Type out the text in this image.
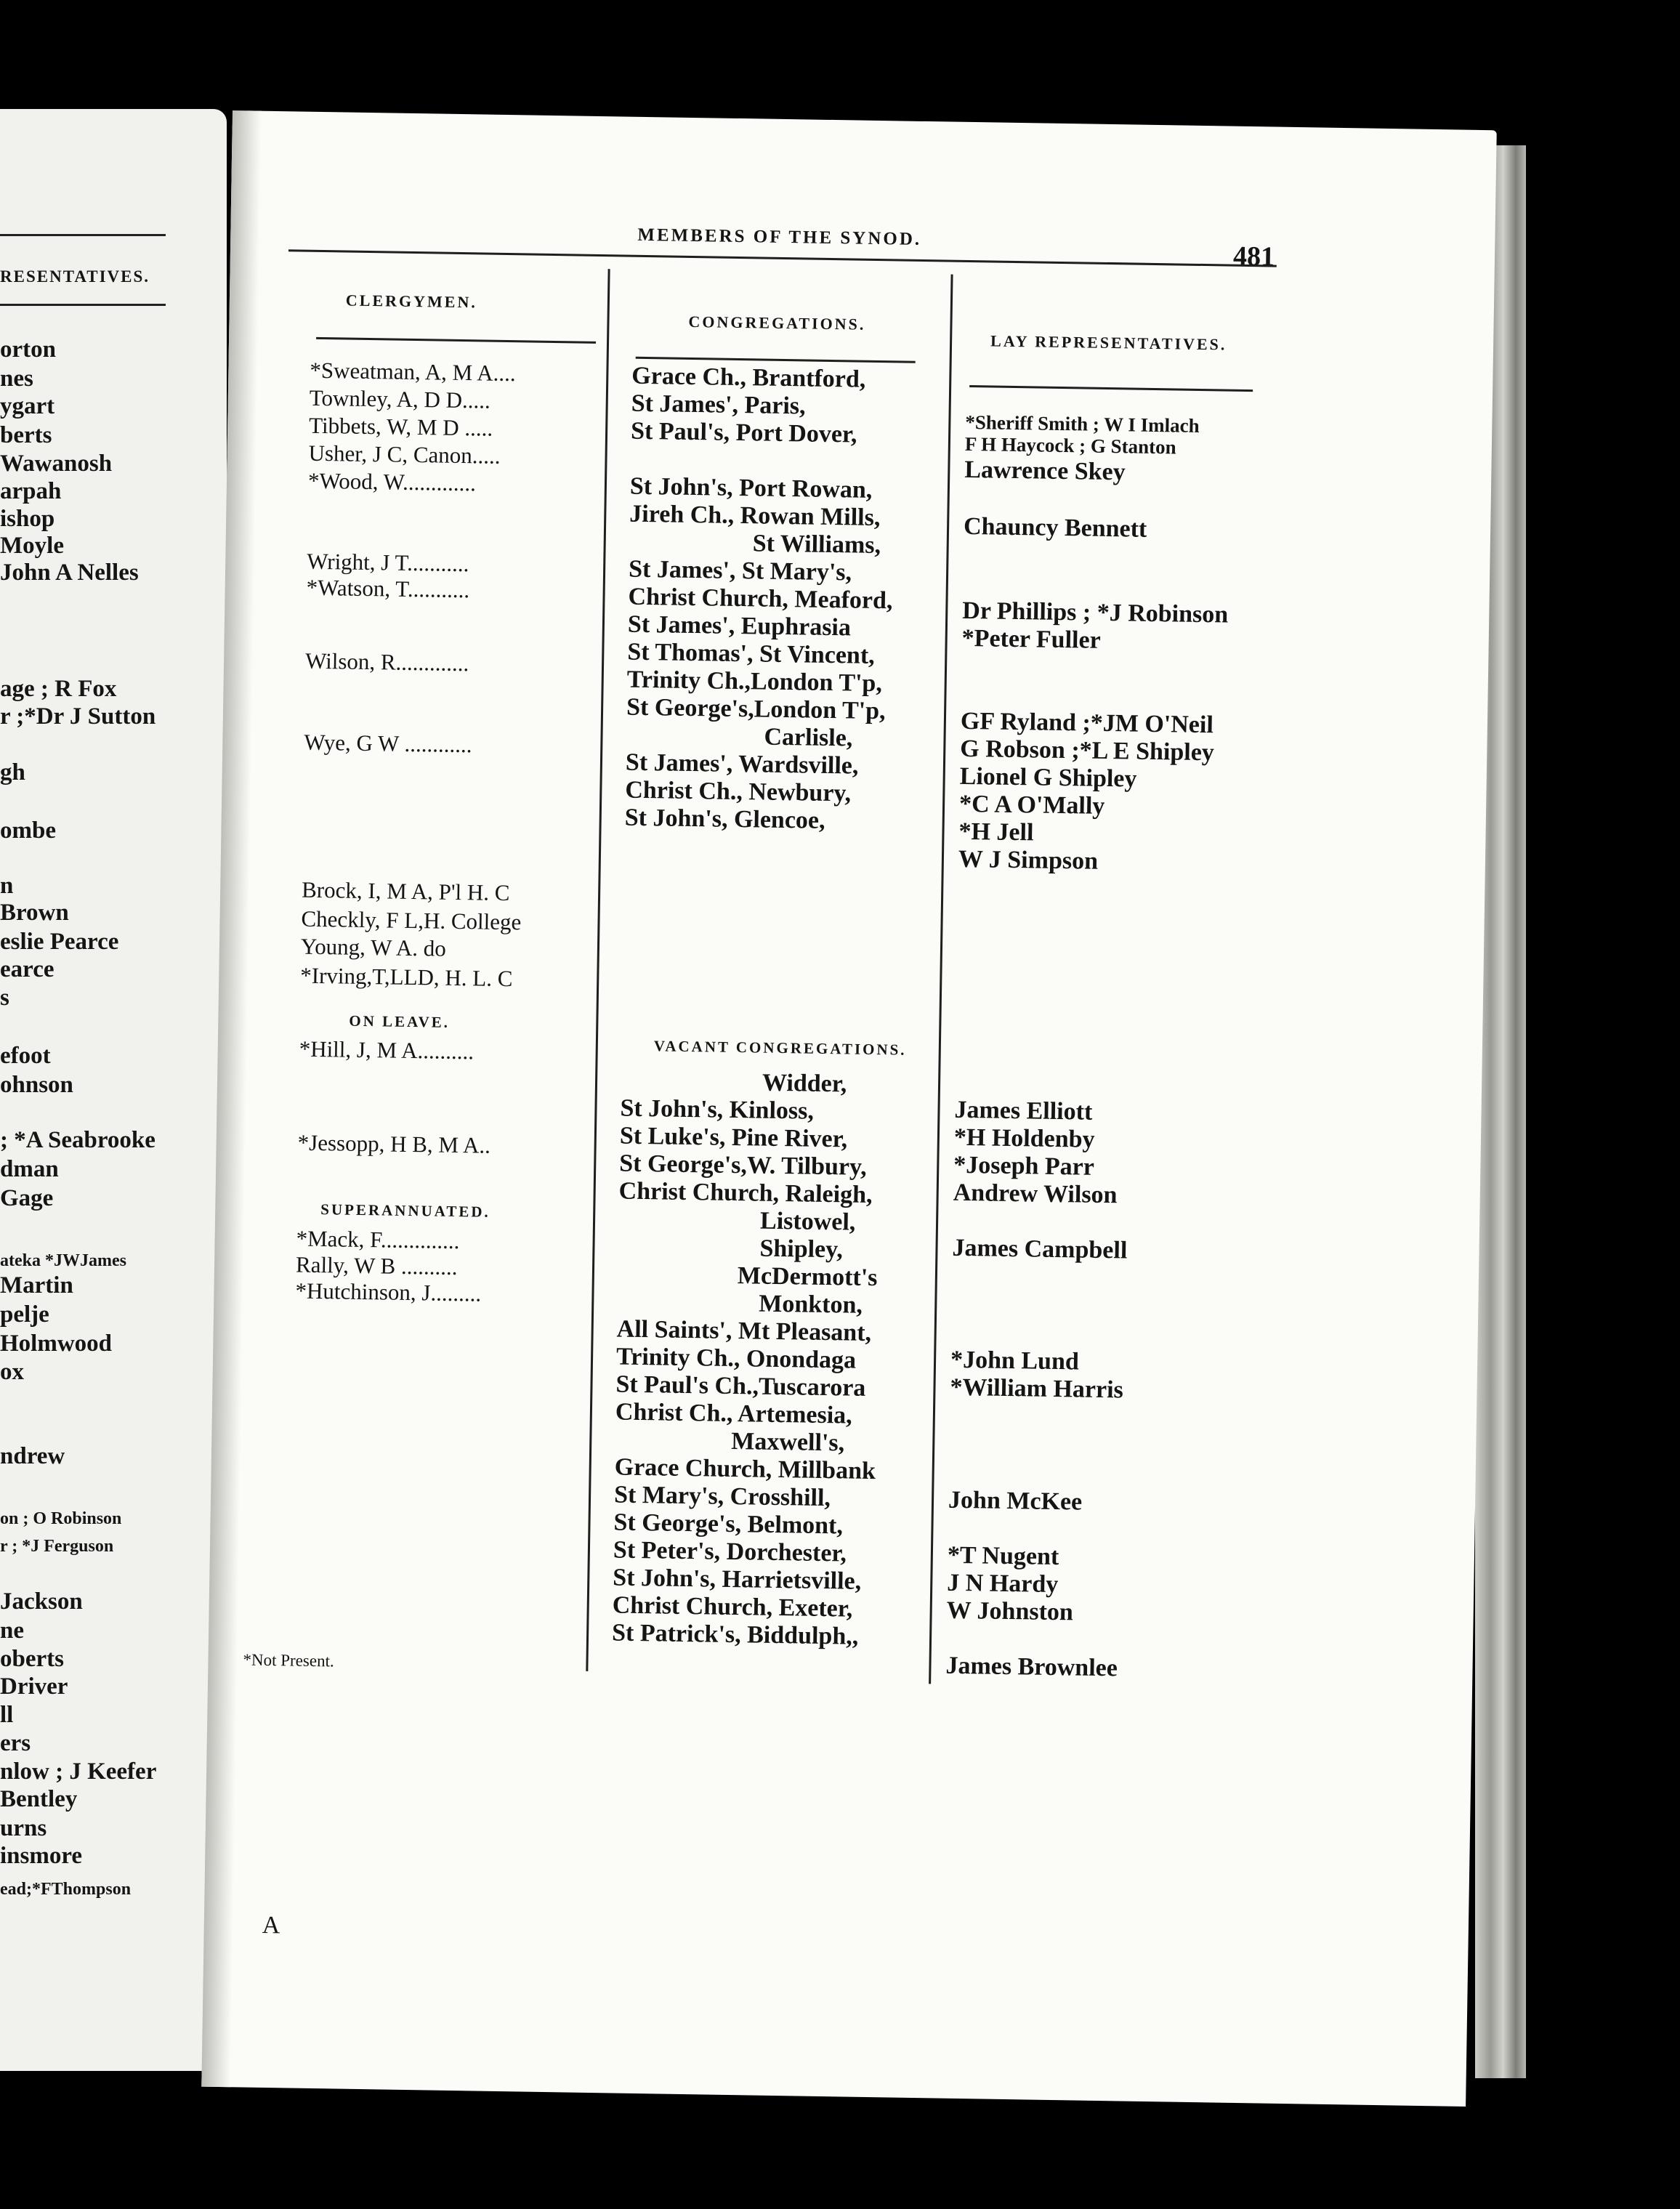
RESENTATIVES.
orton
nes
ygart
berts
Wawanosh
arpah
ishop
Moyle
John A Nelles
age ; R Fox
r ;*Dr J Sutton
gh
ombe
n
Brown
eslie Pearce
earce
s
efoot
ohnson
; *A Seabrooke
dman
Gage
ateka *JWJames
Martin
pelje
Holmwood
ox
ndrew
on ; O Robinson
r ; *J Ferguson
Jackson
ne
oberts
Driver
ll
ers
nlow ; J Keefer
Bentley
urns
insmore
ead;*FThompson
MEMBERS OF THE SYNOD.
481
CLERGYMEN.
CONGREGATIONS.
LAY REPRESENTATIVES.
*Sweatman, A, M A....
Townley, A, D D.....
Tibbets, W, M D .....
Usher, J C, Canon.....
*Wood, W.............
Wright, J T...........
*Watson, T...........
Wilson, R.............
Wye, G W ............
Brock, I, M A, P'l H. C
Checkly, F L,H. College
Young, W A. do
*Irving,T,LLD, H. L. C
*Hill, J, M A..........
*Jessopp, H B, M A..
*Mack, F..............
Rally, W B ..........
*Hutchinson, J.........
Grace Ch., Brantford,
St James', Paris,
St Paul's, Port Dover,
St John's, Port Rowan,
Jireh Ch., Rowan Mills,
St Williams,
St James', St Mary's,
Christ Church, Meaford,
St James', Euphrasia
St Thomas', St Vincent,
Trinity Ch.,London T'p,
St George's,London T'p,
Carlisle,
St James', Wardsville,
Christ Ch., Newbury,
St John's, Glencoe,
Widder,
St John's, Kinloss,
St Luke's, Pine River,
St George's,W. Tilbury,
Christ Church, Raleigh,
Listowel,
Shipley,
McDermott's
Monkton,
All Saints', Mt Pleasant,
Trinity Ch., Onondaga
St Paul's Ch.,Tuscarora
Christ Ch., Artemesia,
Maxwell's,
Grace Church, Millbank
St Mary's, Crosshill,
St George's, Belmont,
St Peter's, Dorchester,
St John's, Harrietsville,
Christ Church, Exeter,
St Patrick's, Biddulph,,
*Sheriff Smith ; W I Imlach
F H Haycock ; G Stanton
Lawrence Skey
Chauncy Bennett
Dr Phillips ; *J Robinson
*Peter Fuller
GF Ryland ;*JM O'Neil
G Robson ;*L E Shipley
Lionel G Shipley
*C A O'Mally
*H Jell
W J Simpson
James Elliott
*H Holdenby
*Joseph Parr
Andrew Wilson
James Campbell
*John Lund
*William Harris
John McKee
*T Nugent
J N Hardy
W Johnston
James Brownlee
ON LEAVE.
VACANT CONGREGATIONS.
SUPERANNUATED.
*Not Present.
A
